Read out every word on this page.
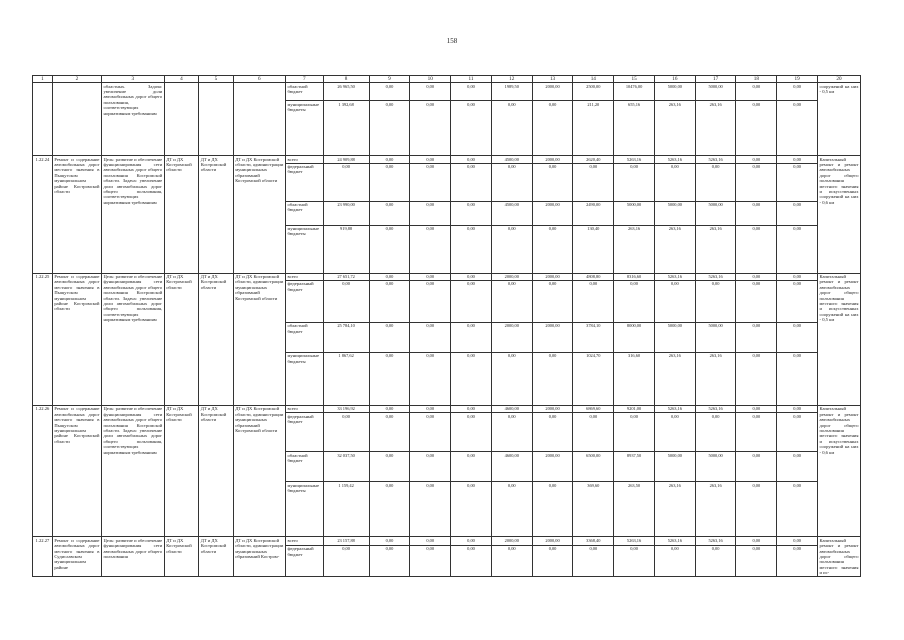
158
1	2	3	4	5	6	7	8	9	10	11	12	13	14	15	16	17	18	19	20
		областных. Задача: увеличение доли автомобильных дорог общего пользования, соответствующих нормативным требованиям				областной бюджет	26 965,50	0,00	0,00	0,00	1989,50	2000,00	2500,00	10476,00	5000,00	5000,00	0,00	0,00	сооружений на них - 0,5 км
						муниципальные бюджеты	1 392,68	0,00	0,00	0,00	0,00	0,00	211,20	655,16	263,16	263,16	0,00	0,00	
1.22.24	Ремонт и содержание автомобильных дорог местного значения в Пыщугском муниципальном районе Костромской области	Цель: развитие и обеспечение функционирования сети автомобильных дорог общего пользования Костромской области. Задача: увеличение доли автомобильных дорог общего пользования, соответствующих нормативным требованиям	ДТ и ДХ Костромской области	ДТ и ДХ Костромской области	ДТ и ДХ Костромской области, администрации муниципальных образований Костромской области	всего	24 909,88	0,00	0,00	0,00	4500,00	2000,00	2620,40	5263,16	5263,16	5263,16	0,00	0,00	Капитальный ремонт и ремонт автомобильных дорог общего пользования местного значения и искусственных сооружений на них - 0,6 км
						федеральный бюджет	0,00	0,00	0,00	0,00	0,00	0,00	0,00	0,00	0,00	0,00	0,00	0,00	
						областной бюджет	23 990,00	0,00	0,00	0,00	4500,00	2000,00	2490,00	5000,00	5000,00	5000,00	0,00	0,00	
						муниципальные бюджеты	919,88	0,00	0,00	0,00	0,00	0,00	130,40	263,16	263,16	263,16	0,00	0,00	
1.22.25	Ремонт и содержание автомобильных дорог местного значения в Пыщугском муниципальном районе Костромской области	Цель: развитие и обеспечение функционирования сети автомобильных дорог общего пользования Костромской области. Задача: увеличение доли автомобильных дорог общего пользования, соответствующих нормативным требованиям	ДТ и ДХ Костромской области	ДТ и ДХ Костромской области	ДТ и ДХ Костромской области, администрации муниципальных образований Костромской области	всего	27 651,72	0,00	0,00	0,00	2000,00	2000,00	4808,80	8316,60	5263,16	5263,16	0,00	0,00	Капитальный ремонт и ремонт автомобильных дорог общего пользования местного значения и искусственных сооружений на них - 0,5 км
						федеральный бюджет	0,00	0,00	0,00	0,00	0,00	0,00	0,00	0,00	0,00	0,00	0,00	0,00	
						областной бюджет	25 784,10	0,00	0,00	0,00	2000,00	2000,00	3784,10	8000,00	5000,00	5000,00	0,00	0,00	
						муниципальные бюджеты	1 867,62	0,00	0,00	0,00	0,00	0,00	1024,70	316,60	263,16	263,16	0,00	0,00	
1.22.26	Ремонт и содержание автомобильных дорог местного значения в Пыщугском муниципальном районе Костромской области	Цель: развитие и обеспечение функционирования сети автомобильных дорог общего пользования Костромской области. Задача: увеличение доли автомобильных дорог общего пользования, соответствующих нормативным требованиям	ДТ и ДХ Костромской области	ДТ и ДХ Костромской области	ДТ и ДХ Костромской области, администрации муниципальных образований Костромской области	всего	33 196,92	0,00	0,00	0,00	4600,00	2000,00	6869,60	9201,00	5263,16	5263,16	0,00	0,00	Капитальный ремонт и ремонт автомобильных дорог общего пользования местного значения и искусственных сооружений на них - 0,6 км
						федеральный бюджет	0,00	0,00	0,00	0,00	0,00	0,00	0,00	0,00	0,00	0,00	0,00	0,00	
						областной бюджет	32 037,50	0,00	0,00	0,00	4600,00	2000,00	6500,00	8937,50	5000,00	5000,00	0,00	0,00	
						муниципальные бюджеты	1 159,42	0,00	0,00	0,00	0,00	0,00	369,60	263,50	263,16	263,16	0,00	0,00	
1.22.27	Ремонт и содержание автомобильных дорог местного значения в Судиславском муниципальном районе	Цель: развитие и обеспечение функционирования сети автомобильных дорог общего пользования	ДТ и ДХ Костромской области	ДТ и ДХ Костромской области	ДТ и ДХ Костромской области, администрации муниципальных образований Костром-	всего	23 157,88	0,00	0,00	0,00	2000,00	2000,00	3368,40	5263,16	5263,16	5263,16	0,00	0,00	Капитальный ремонт и ремонт автомобильных дорог общего пользования местного значения и ис-
						федеральный бюджет	0,00	0,00	0,00	0,00	0,00	0,00	0,00	0,00	0,00	0,00	0,00	0,00	
